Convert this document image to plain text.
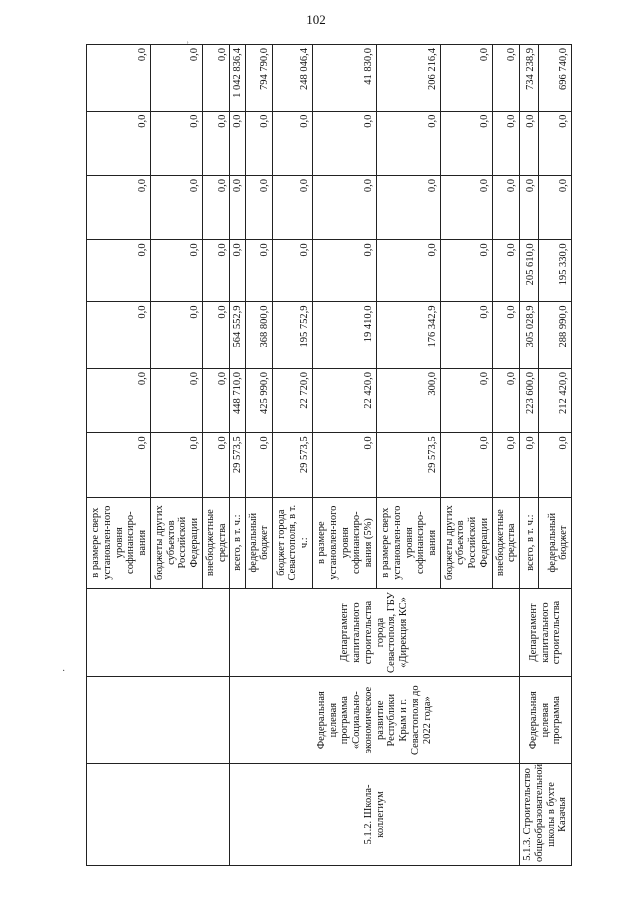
102
˒
·
			в размере сверх установлен-ного уровня софинансиро-вания	0,0	0,0	0,0	0,0	0,0	0,0	0,0
			бюджеты других субъектов Российской Федерации	0,0	0,0	0,0	0,0	0,0	0,0	0,0
			внебюджетные средства	0,0	0,0	0,0	0,0	0,0	0,0	0,0
5.1.2. Школа-коллегиум	Федеральная целевая программа «Социально-экономическое развитие Республики Крым и г. Севастополя до 2022 года»	Департамент капитального строительства города Севастополя, ГБУ «Дирекция КС»	всего, в т. ч.:	29 573,5	448 710,0	564 552,9	0,0	0,0	0,0	1 042 836,4
			федеральный бюджет	0,0	425 990,0	368 800,0	0,0	0,0	0,0	794 790,0
			бюджет города Севастополя, в т. ч.:	29 573,5	22 720,0	195 752,9	0,0	0,0	0,0	248 046,4
			в размере установлен-ного уровня софинансиро-вания (5%)	0,0	22 420,0	19 410,0	0,0	0,0	0,0	41 830,0
			в размере сверх установлен-ного уровня софинансиро-вания	29 573,5	300,0	176 342,9	0,0	0,0	0,0	206 216,4
			бюджеты других субъектов Российской Федерации	0,0	0,0	0,0	0,0	0,0	0,0	0,0
			внебюджетные средства	0,0	0,0	0,0	0,0	0,0	0,0	0,0
5.1.3. Строительство общеобразовательной школы в бухте Казачья	Федеральная целевая программа	Департамент капитального строительства	всего, в т. ч.:	0,0	223 600,0	305 028,9	205 610,0	0,0	0,0	734 238,9
			федеральный бюджет	0,0	212 420,0	288 990,0	195 330,0	0,0	0,0	696 740,0
